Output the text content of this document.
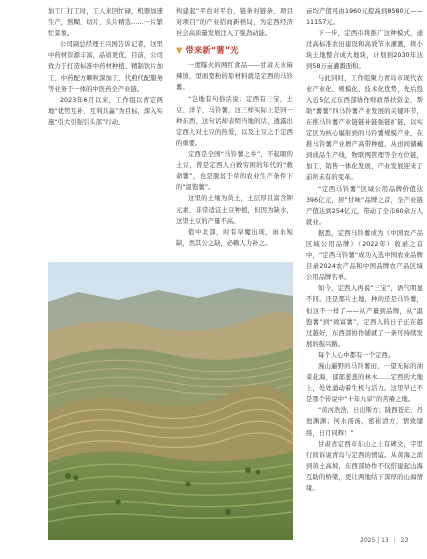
加工厂打工时，工人来回忙碌，机器加速生产，熬糊、切片、头片精选……一片繁忙景象。

公司副总经理王兴国告诉记者，这里中药材资源丰富，品质更优，目前，公司致力于打造标准中药材种植、精制饮片加工、中药配方颗粒深加工、代煎代配服务等业务于一体的中医药全产业链。

2023年6月以来，工作组以青定两地“优势互补、互利共赢”为目标，深入实施“引大引强引头部”行动，

构建起“平台对平台、链条对链条、项目对项目”的产业招商新格局，为定西经济社会高质量发展注入了强劲动能。

▼ 带来新“薯”光

一度曝火的网红食品——甘肃天水麻辣烫，里面宽粉的原材料就是定西的马铃薯。

“岂地有句俗话说：定西有三宝，土豆、洋芋、马铃薯，这三样实际上是同一种东西，这句话却表明当地的话，透露出定西人对土豆的热爱，以及土豆之于定西的重要。

定西是全国“马铃薯之乡”，不起眼的土豆，曾是定西人自救穷困的年代的“救命薯”，也是脱贫于草的农业生产条件下的“温饱薯”。

这里的土壤为黄土，土层厚且富含钾元素，非常适宜土豆种植，但因为缺水，这里土豆的产量不高。

值中北部，时有旱魔出现，雨水短缺，然其公之缺，必赖人力补之。

亩均产值可由1960元提高到8580元——11157元。

下一步，定西市将推广这种模式，通过高标准农田建设和高效节水灌溉，将小块土地整合成大地块，计划到2030年达到58万亩灌溉面积。

与此同时，工作组聚力青岛市现代农业产业化、规模化、技术化优势，先后投入近5亿元东西部协作财政帮扶资金，帮助“薯薯”四马铃薯产业发展的关键环节，在推马铃薯产业链链补链强链扩链，以实定区为核心辐射到的马铃薯规模产业，在推马铃薯产业增产高带种植，从田间储藏到成品生产线，物联网管理等全方位链，加工、销售一体化发展，产业发展迎来了前所未有的变革。

“定西马铃薯”区域公用品牌价值达396亿元，居“甘味”品牌之首，全产业链产值达到254亿元，带动了全市60余万人就业。

据悉，定西马铃薯成为《中国农产品区域公用品牌》（2022年）收录之首中，“定西马铃薯”成功入选中国农业品牌目录2024农产品和中国品牌农产品区域公用品牌名单。

如今，定西人再说“三宝”，语气明显不同。还是那片土地，种的还是马铃薯，但这不一样了——从产量到品牌，从“温饱薯”到“致富薯”，定西人的日子正在越过越好，东西部协作铺就了一条可持续发展的振兴路。

每个人心中都有一个定西。

漫山遍野的马铃薯田，一望无际的油菜花海，郁郁葱葱的林木……定西的大地上，处处涌动着生机与活力。这里早已不是那个传说中“十年九旱”的苦瘠之地。

“黄河浩浩，日出斯方；陇西苍茫，丹池渊渊；何水汤汤，密崔清方，情致缱绻，日月同辉！”

甘肃省定西市东山之上有碑文，字里行间诉说青岛与定西的情谊。从黄海之滨到黄土高坡，东西部协作不仅搭建起山海互助的桥梁，更让两地结下深厚的山海情缘。

2025 | 13 | 23
